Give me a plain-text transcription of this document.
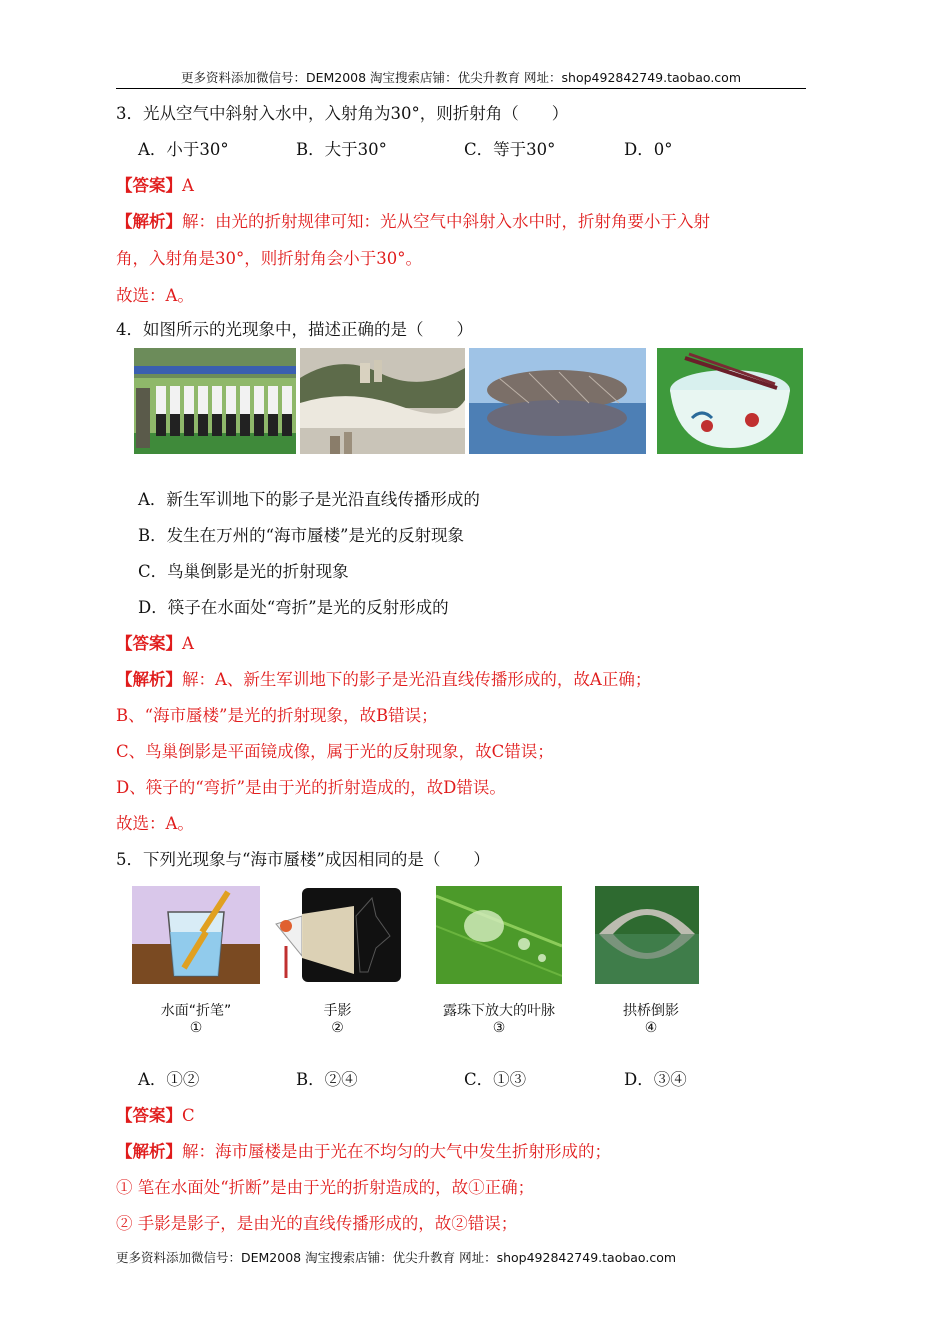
更多资料添加微信号：DEM2008 淘宝搜索店铺：优尖升教育 网址：shop492842749.taobao.com
3．光从空气中斜射入水中，入射角为30°，则折射角（　　）
A．小于30°	B．大于30°	C．等于30°	D．0°
【答案】A
【解析】解：由光的折射规律可知：光从空气中斜射入水中时，折射角要小于入射
角，入射角是30°，则折射角会小于30°。
故选：A。
4．如图所示的光现象中，描述正确的是（　　）
A．新生军训地下的影子是光沿直线传播形成的
B．发生在万州的“海市蜃楼”是光的反射现象
C．鸟巢倒影是光的折射现象
D．筷子在水面处“弯折”是光的反射形成的
【答案】A
【解析】解：A、新生军训地下的影子是光沿直线传播形成的，故A正确；
B、“海市蜃楼”是光的折射现象，故B错误；
C、鸟巢倒影是平面镜成像，属于光的反射现象，故C错误；
D、筷子的“弯折”是由于光的折射造成的，故D错误。
故选：A。
5．下列光现象与“海市蜃楼”成因相同的是（　　）
水面“折笔”
①
手影
②
露珠下放大的叶脉
③
拱桥倒影
④
A．①②	B．②④	C．①③	D．③④
【答案】C
【解析】解：海市蜃楼是由于光在不均匀的大气中发生折射形成的；
① 笔在水面处“折断”是由于光的折射造成的，故①正确；
② 手影是影子，是由光的直线传播形成的，故②错误；
更多资料添加微信号：DEM2008 淘宝搜索店铺：优尖升教育 网址：shop492842749.taobao.com
